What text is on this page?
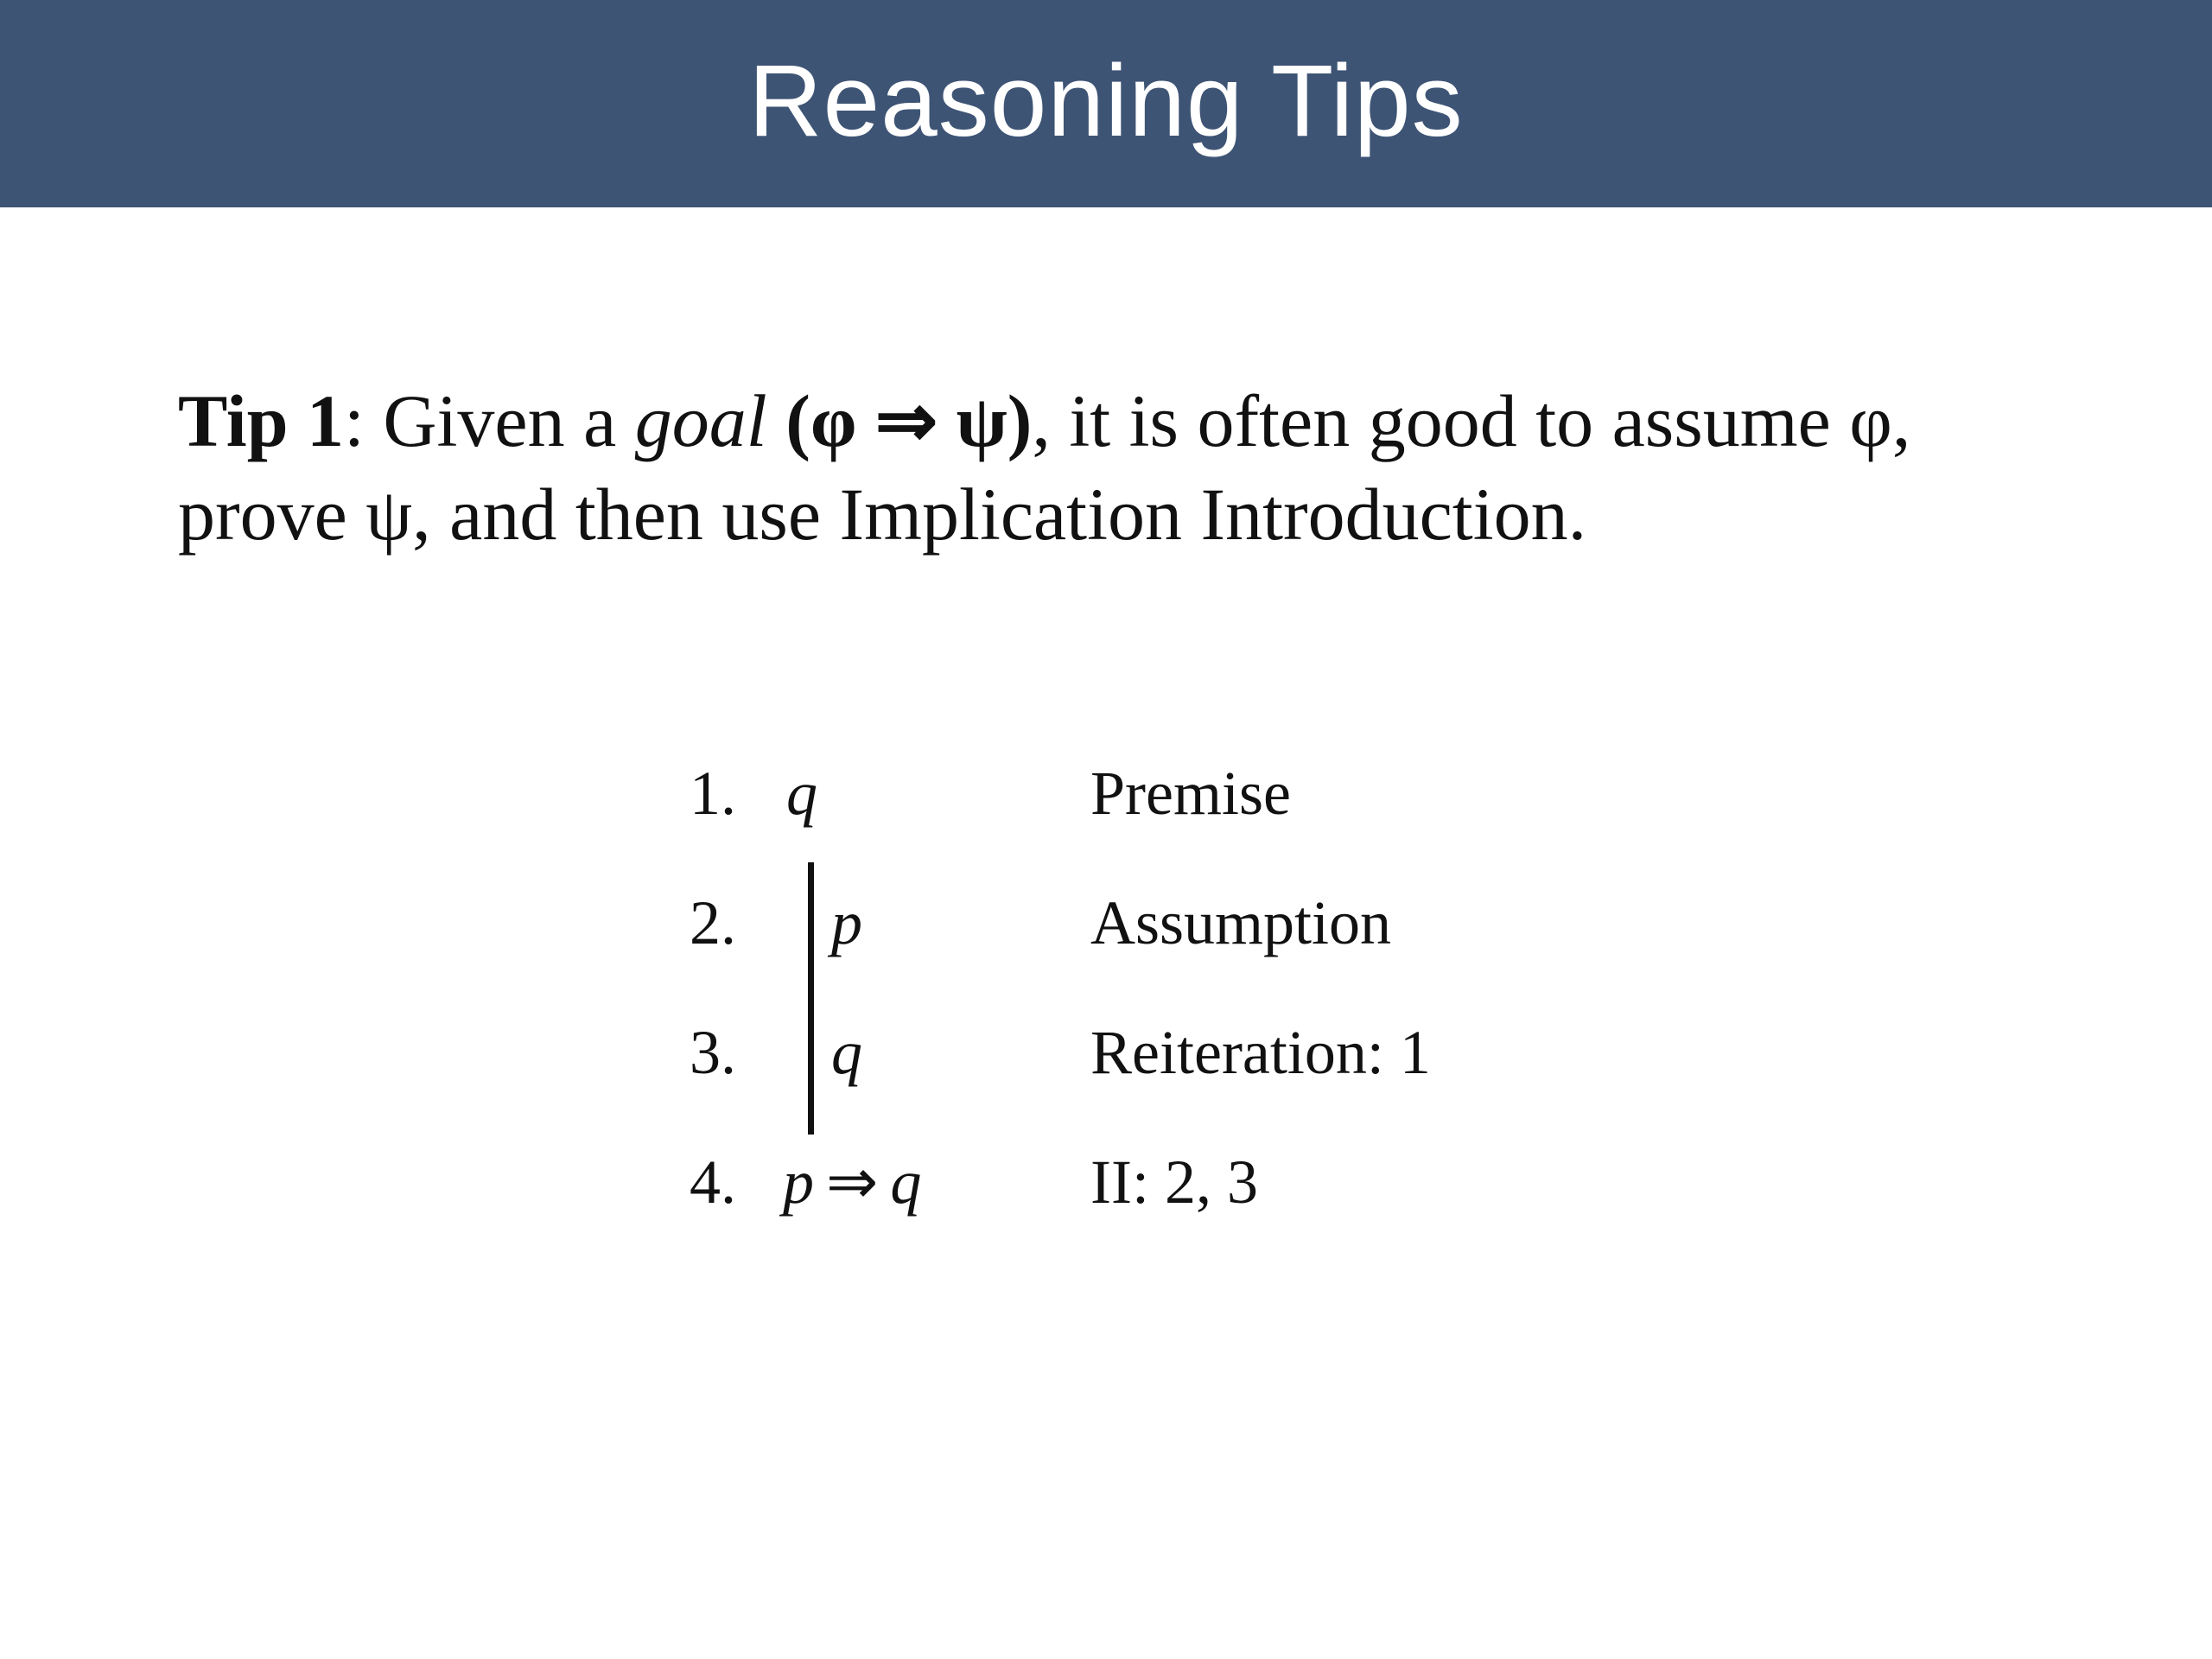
Reasoning Tips
Tip 1: Given a goal (φ ⇒ ψ), it is often good to assume φ,
prove ψ, and then use Implication Introduction.
1. q	Premise
2. p	Assumption
3. q	Reiteration: 1
4. p ⇒ q	II: 2, 3
